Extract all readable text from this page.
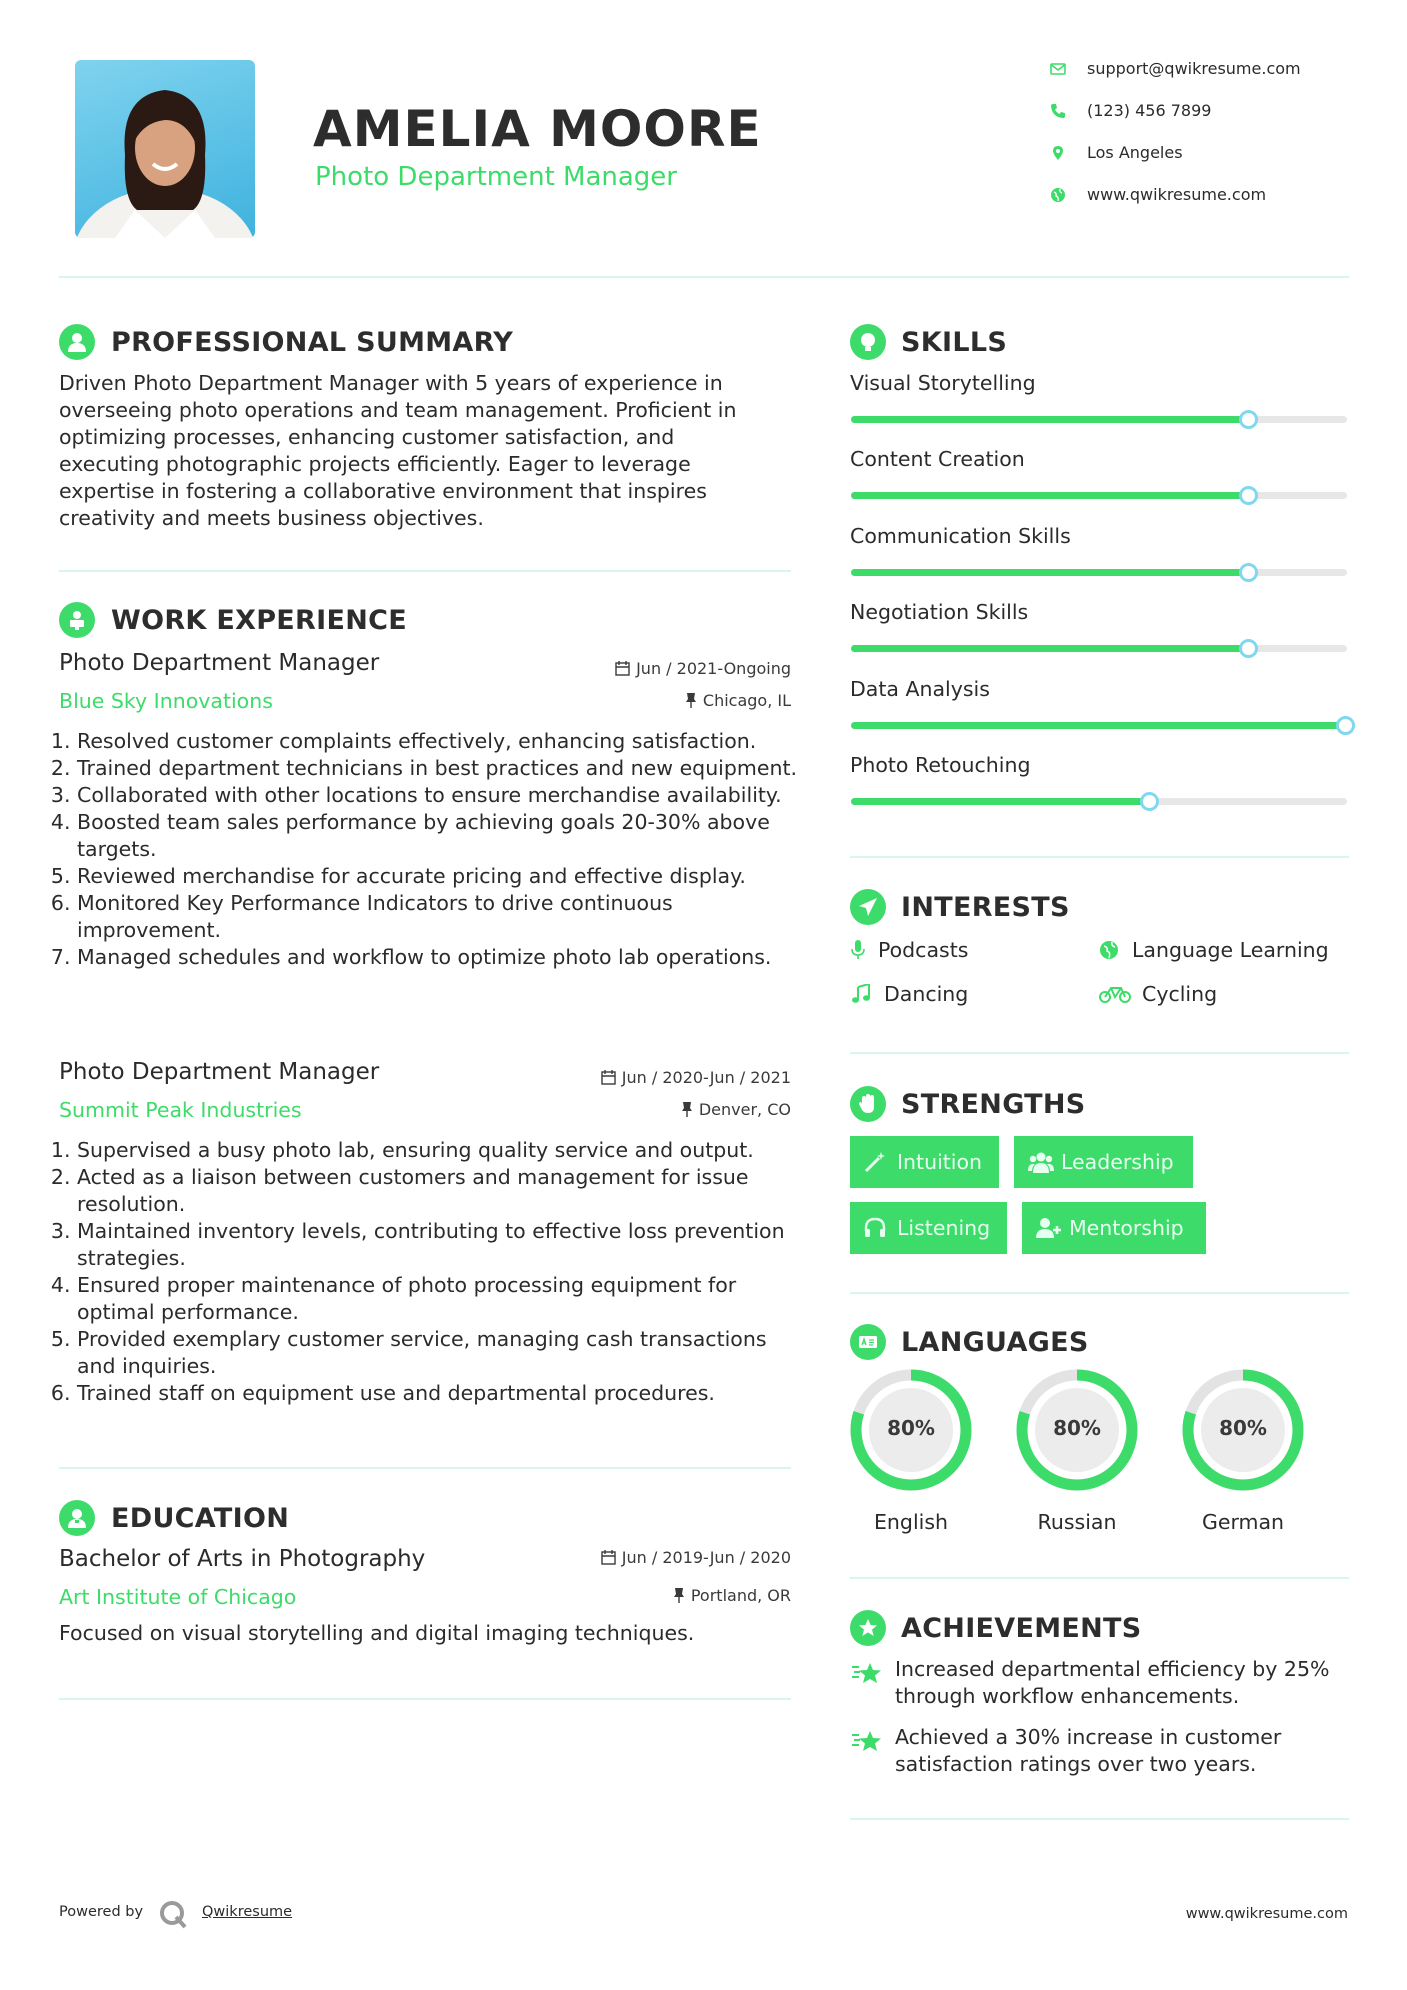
AMELIA MOORE
Photo Department Manager
support@qwikresume.com
(123) 456 7899
Los Angeles
www.qwikresume.com
PROFESSIONAL SUMMARY
Driven Photo Department Manager with 5 years of experience in
overseeing photo operations and team management. Proficient in
optimizing processes, enhancing customer satisfaction, and
executing photographic projects efficiently. Eager to leverage
expertise in fostering a collaborative environment that inspires
creativity and meets business objectives.
WORK EXPERIENCE
Photo Department Manager
Blue Sky Innovations
Jun / 2021-Ongoing
Chicago, IL
1. Resolved customer complaints effectively, enhancing satisfaction.
2. Trained department technicians in best practices and new equipment.
3. Collaborated with other locations to ensure merchandise availability.
4. Boosted team sales performance by achieving goals 20-30% above targets.
5. Reviewed merchandise for accurate pricing and effective display.
6. Monitored Key Performance Indicators to drive continuous improvement.
7. Managed schedules and workflow to optimize photo lab operations.
Photo Department Manager
Summit Peak Industries
Jun / 2020-Jun / 2021
Denver, CO
1. Supervised a busy photo lab, ensuring quality service and output.
2. Acted as a liaison between customers and management for issue resolution.
3. Maintained inventory levels, contributing to effective loss prevention strategies.
4. Ensured proper maintenance of photo processing equipment for optimal performance.
5. Provided exemplary customer service, managing cash transactions and inquiries.
6. Trained staff on equipment use and departmental procedures.
EDUCATION
Bachelor of Arts in Photography
Art Institute of Chicago
Jun / 2019-Jun / 2020
Portland, OR
Focused on visual storytelling and digital imaging techniques.
SKILLS
Visual Storytelling
Content Creation
Communication Skills
Negotiation Skills
Data Analysis
Photo Retouching
INTERESTS
Podcasts	Language Learning
Dancing	Cycling
STRENGTHS
Intuition	Leadership
Listening	Mentorship
LANGUAGES
80%
English
80%
Russian
80%
German
ACHIEVEMENTS
Increased departmental efficiency by 25%
through workflow enhancements.
Achieved a 30% increase in customer
satisfaction ratings over two years.
Powered by	Qwikresume	www.qwikresume.com
